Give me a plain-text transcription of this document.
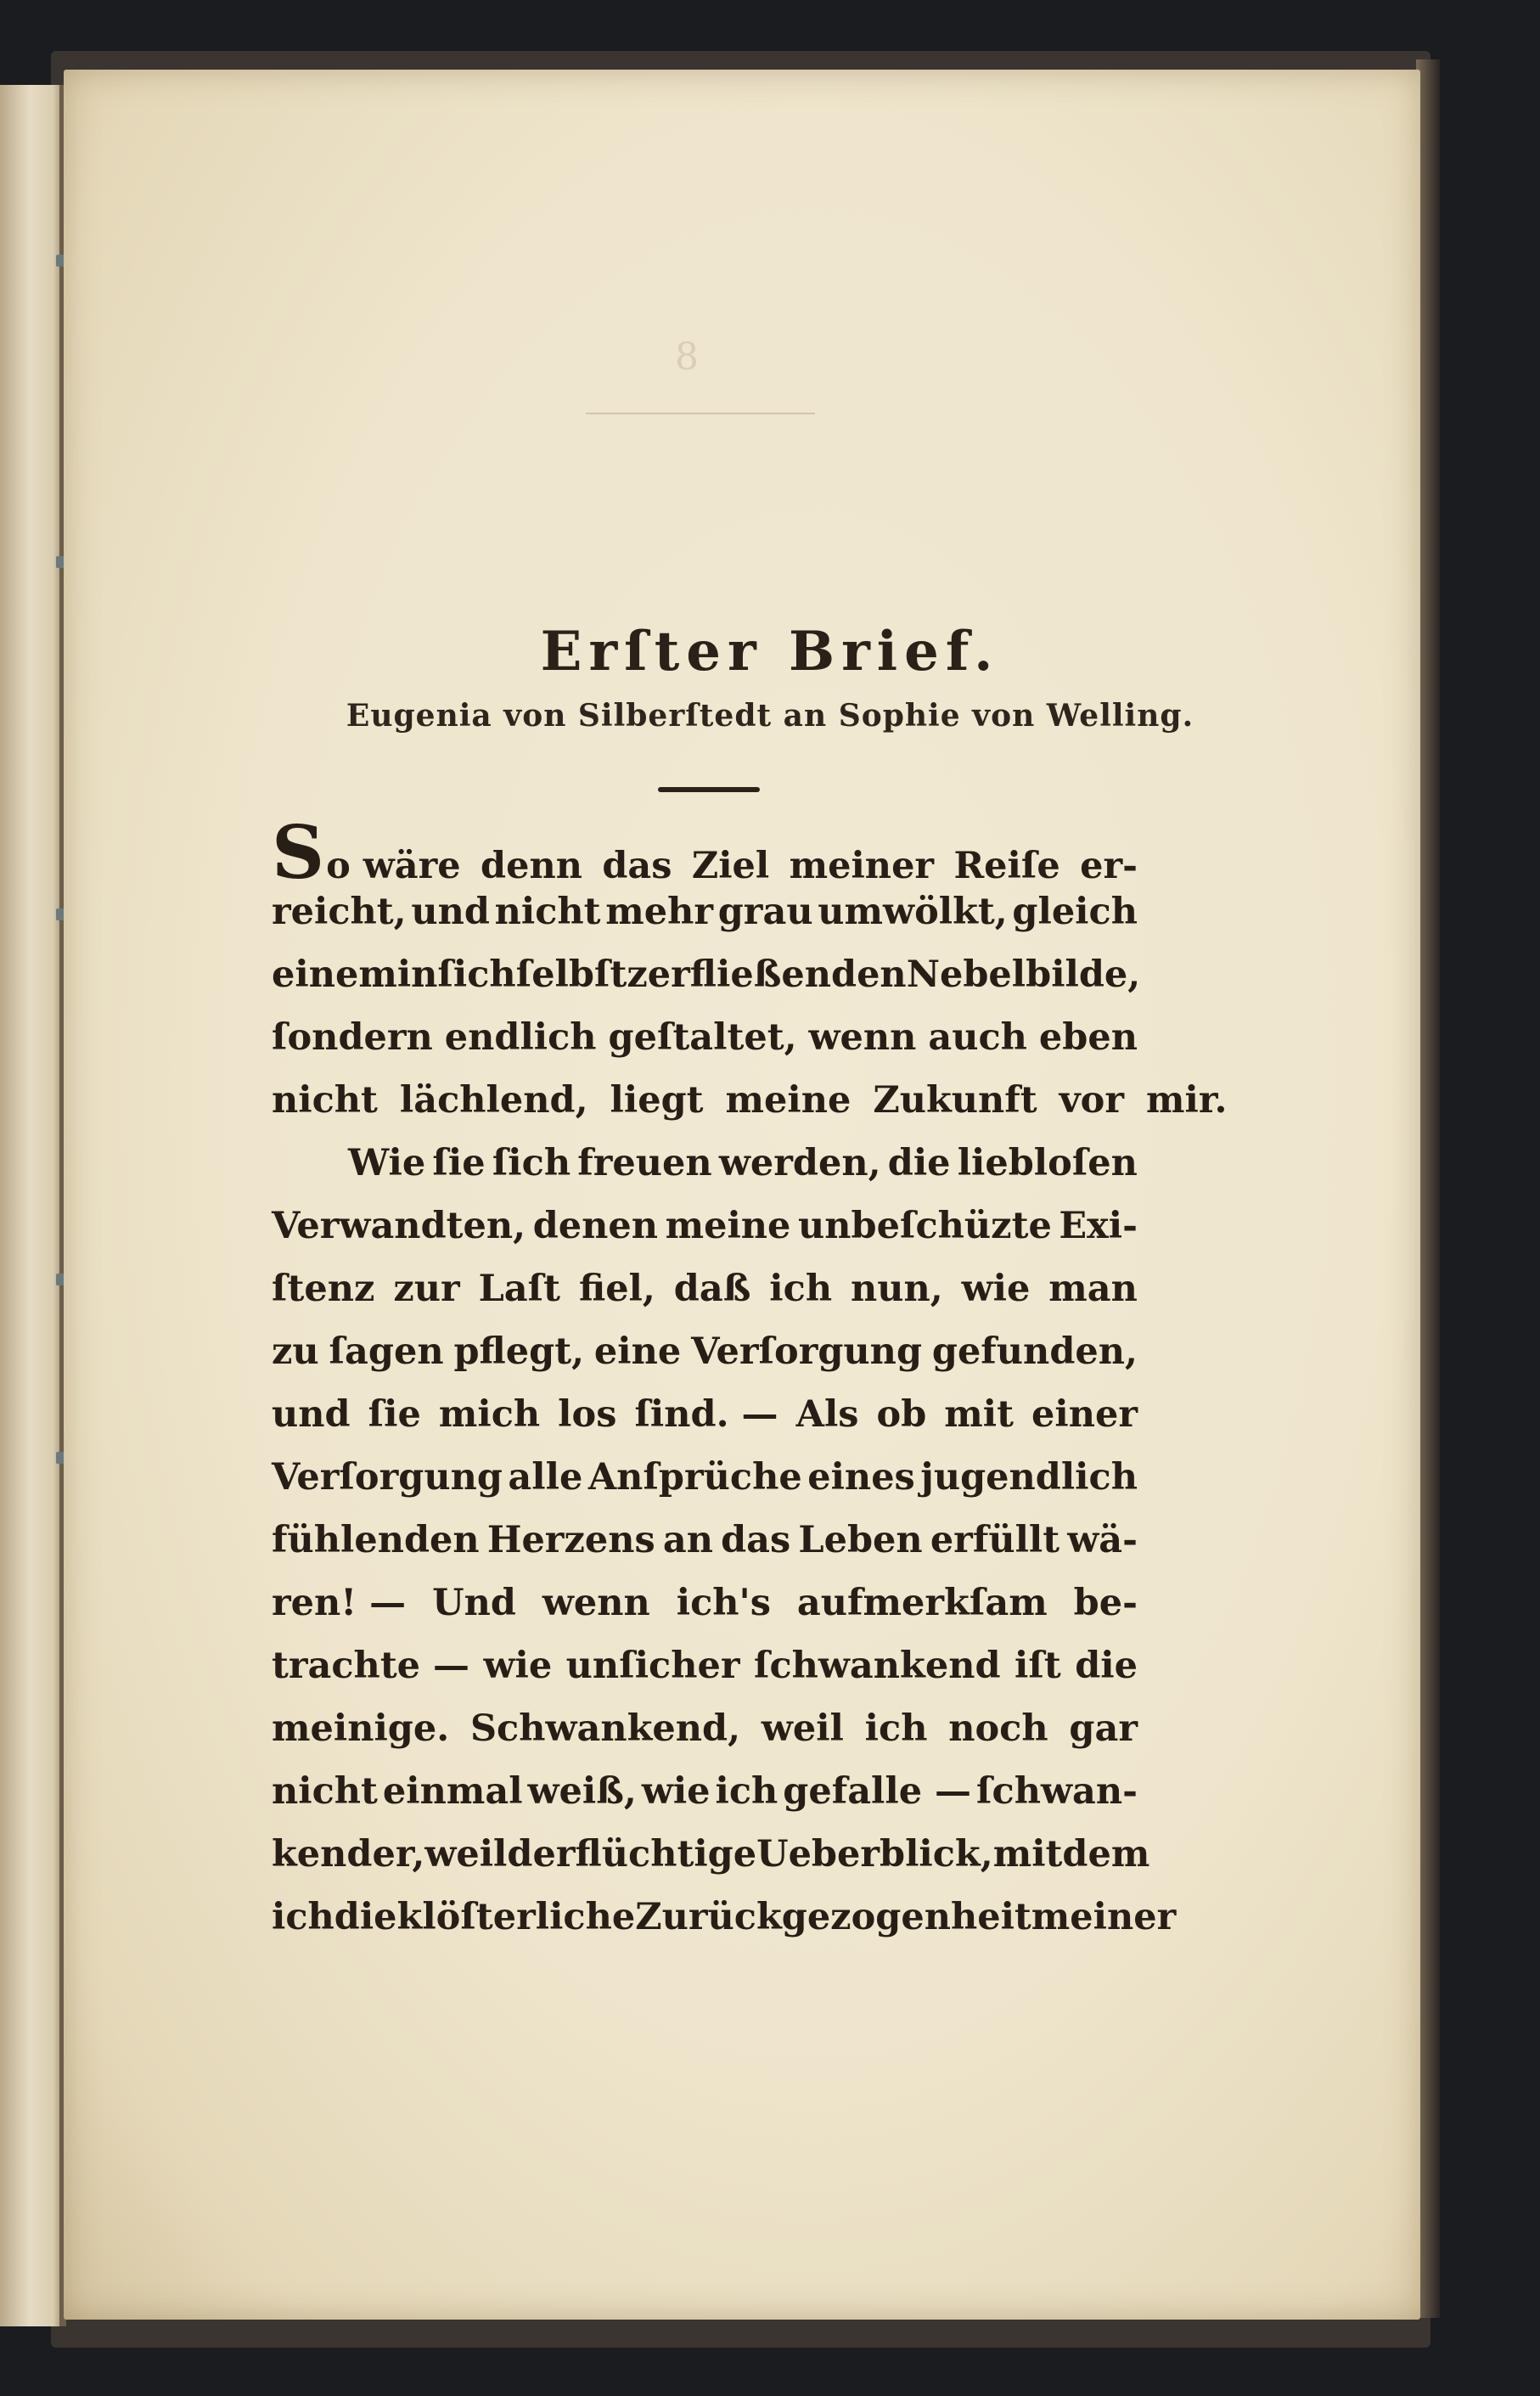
8
Erſter Brief.
Eugenia von Silberſtedt an Sophie von Welling.
So wäre denn das Ziel meiner Reiſe er-
reicht, und nicht mehr grau umwölkt, gleich
einem in ſich ſelbſt zerfließenden Nebelbilde,
ſondern endlich geſtaltet, wenn auch eben
nicht lächlend, liegt meine Zukunft vor mir.
Wie ſie ſich freuen werden, die liebloſen
Verwandten, denen meine unbeſchüzte Exi-
ſtenz zur Laſt fiel, daß ich nun, wie man
zu ſagen pflegt, eine Verſorgung gefunden,
und ſie mich los ſind. — Als ob mit einer
Verſorgung alle Anſprüche eines jugendlich
fühlenden Herzens an das Leben erfüllt wä-
ren! — Und wenn ich's aufmerkſam be-
trachte — wie unſicher ſchwankend iſt die
meinige. Schwankend, weil ich noch gar
nicht einmal weiß, wie ich gefalle — ſchwan-
kender, weil der flüchtige Ueberblick, mit dem
ich die klöſterliche Zurückgezogenheit meiner
